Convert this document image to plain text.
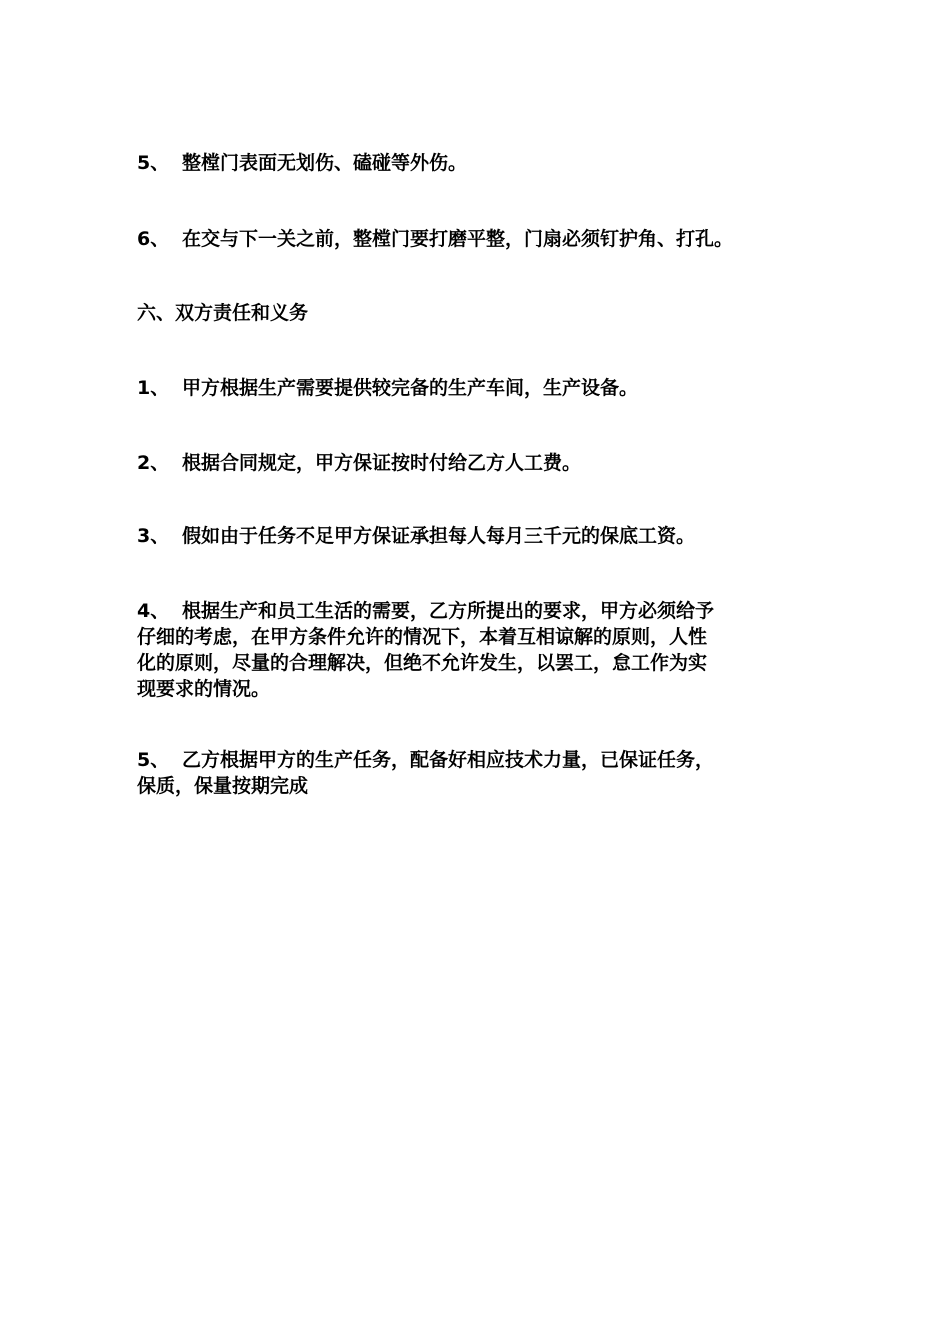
5、 整樘门表面无划伤、磕碰等外伤。

6、 在交与下一关之前，整樘门要打磨平整，门扇必须钉护角、打孔。

六、双方责任和义务

1、 甲方根据生产需要提供较完备的生产车间，生产设备。

2、 根据合同规定，甲方保证按时付给乙方人工费。

3、 假如由于任务不足甲方保证承担每人每月三千元的保底工资。

4、 根据生产和员工生活的需要，乙方所提出的要求，甲方必须给予
仔细的考虑，在甲方条件允许的情况下，本着互相谅解的原则，人性
化的原则，尽量的合理解决，但绝不允许发生，以罢工，怠工作为实
现要求的情况。
5、 乙方根据甲方的生产任务，配备好相应技术力量，已保证任务，
保质，保量按期完成
